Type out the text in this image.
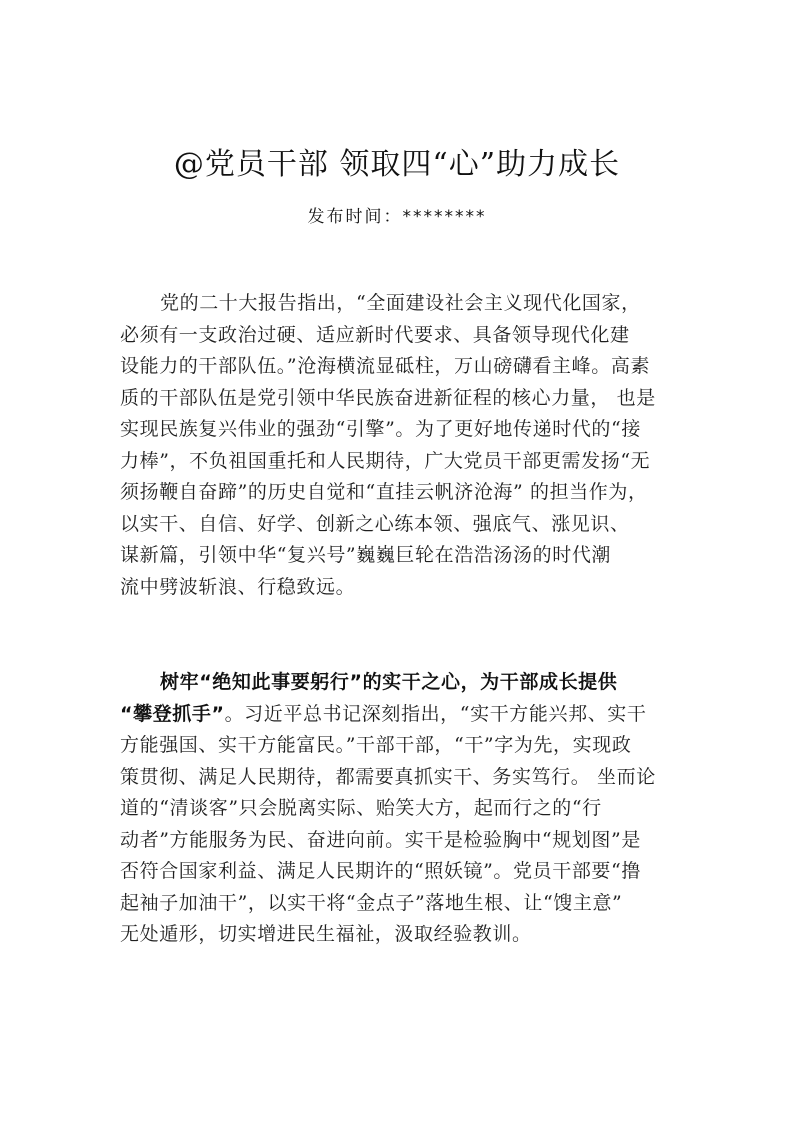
@党员干部 领取四“心”助力成长
发布时间：********
党的二十大报告指出，“全面建设社会主义现代化国家，
必须有一支政治过硬、适应新时代要求、具备领导现代化建
设能力的干部队伍。”沧海横流显砥柱，万山磅礴看主峰。高素
质的干部队伍是党引领中华民族奋进新征程的核心力量， 也是
实现民族复兴伟业的强劲“引擎”。为了更好地传递时代的“接
力棒”，不负祖国重托和人民期待，广大党员干部更需发扬“无
须扬鞭自奋蹄”的历史自觉和“直挂云帆济沧海” 的担当作为，
以实干、自信、好学、创新之心练本领、强底气、涨见识、
谋新篇，引领中华“复兴号”巍巍巨轮在浩浩汤汤的时代潮
流中劈波斩浪、行稳致远。
树牢“绝知此事要躬行”的实干之心，为干部成长提供
“攀登抓手”。习近平总书记深刻指出，“实干方能兴邦、实干
方能强国、实干方能富民。”干部干部，“干”字为先，实现政
策贯彻、满足人民期待，都需要真抓实干、务实笃行。 坐而论
道的“清谈客”只会脱离实际、贻笑大方，起而行之的“行
动者”方能服务为民、奋进向前。实干是检验胸中“规划图”是
否符合国家利益、满足人民期许的“照妖镜”。党员干部要“撸
起袖子加油干”，以实干将“金点子”落地生根、让“馊主意”
无处遁形，切实增进民生福祉，汲取经验教训。
